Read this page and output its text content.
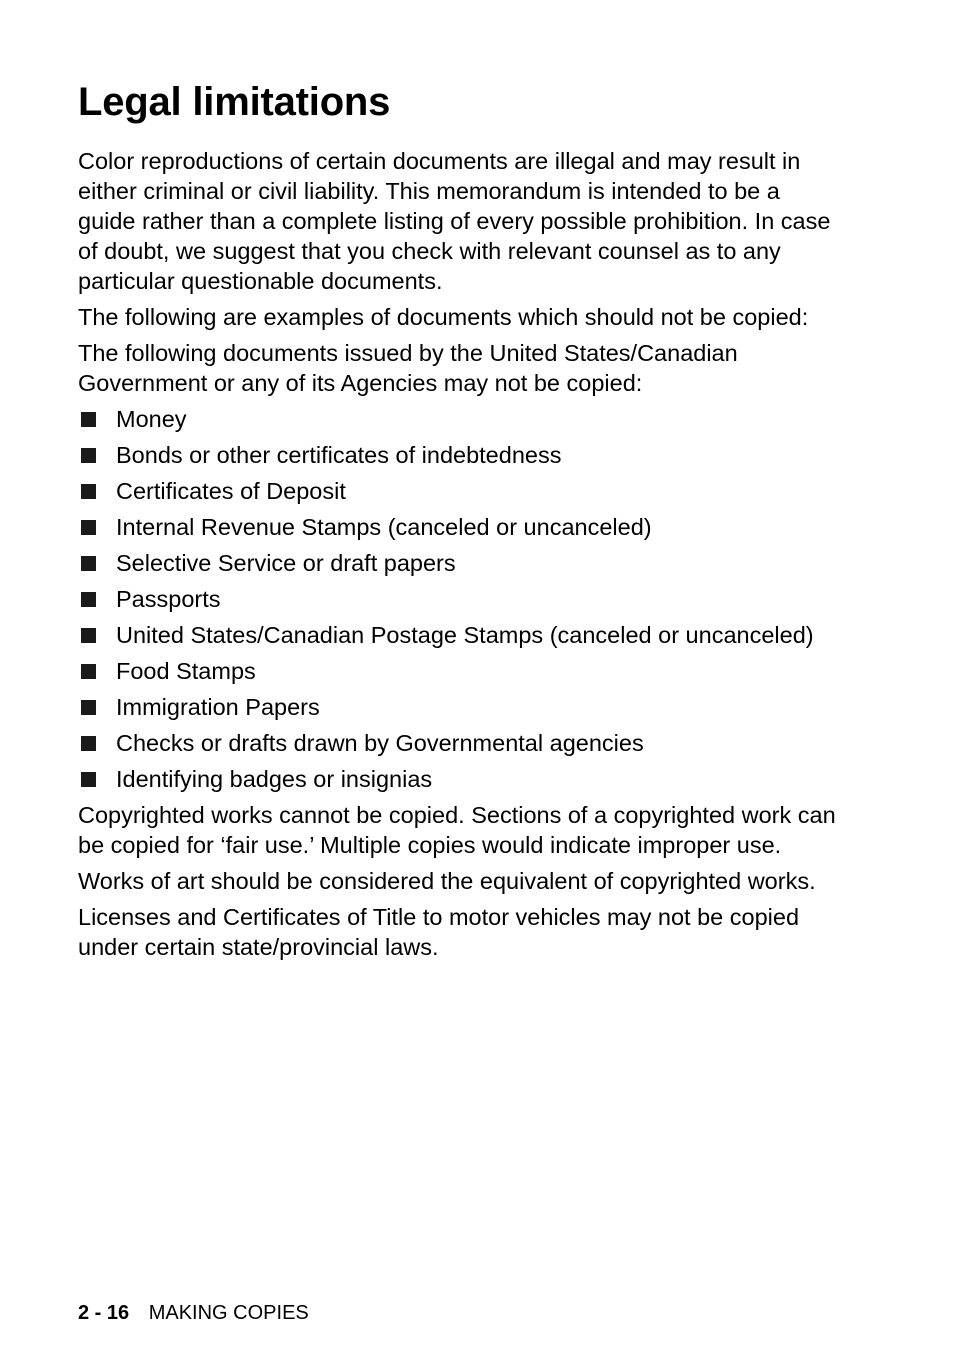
Legal limitations

Color reproductions of certain documents are illegal and may result in either criminal or civil liability. This memorandum is intended to be a guide rather than a complete listing of every possible prohibition. In case of doubt, we suggest that you check with relevant counsel as to any particular questionable documents.

The following are examples of documents which should not be copied:

The following documents issued by the United States/Canadian Government or any of its Agencies may not be copied:

Money
Bonds or other certificates of indebtedness
Certificates of Deposit
Internal Revenue Stamps (canceled or uncanceled)
Selective Service or draft papers
Passports
United States/Canadian Postage Stamps (canceled or uncanceled)
Food Stamps
Immigration Papers
Checks or drafts drawn by Governmental agencies
Identifying badges or insignias

Copyrighted works cannot be copied. Sections of a copyrighted work can be copied for ‘fair use.’ Multiple copies would indicate improper use.

Works of art should be considered the equivalent of copyrighted works.

Licenses and Certificates of Title to motor vehicles may not be copied under certain state/provincial laws.

2 - 16 MAKING COPIES
